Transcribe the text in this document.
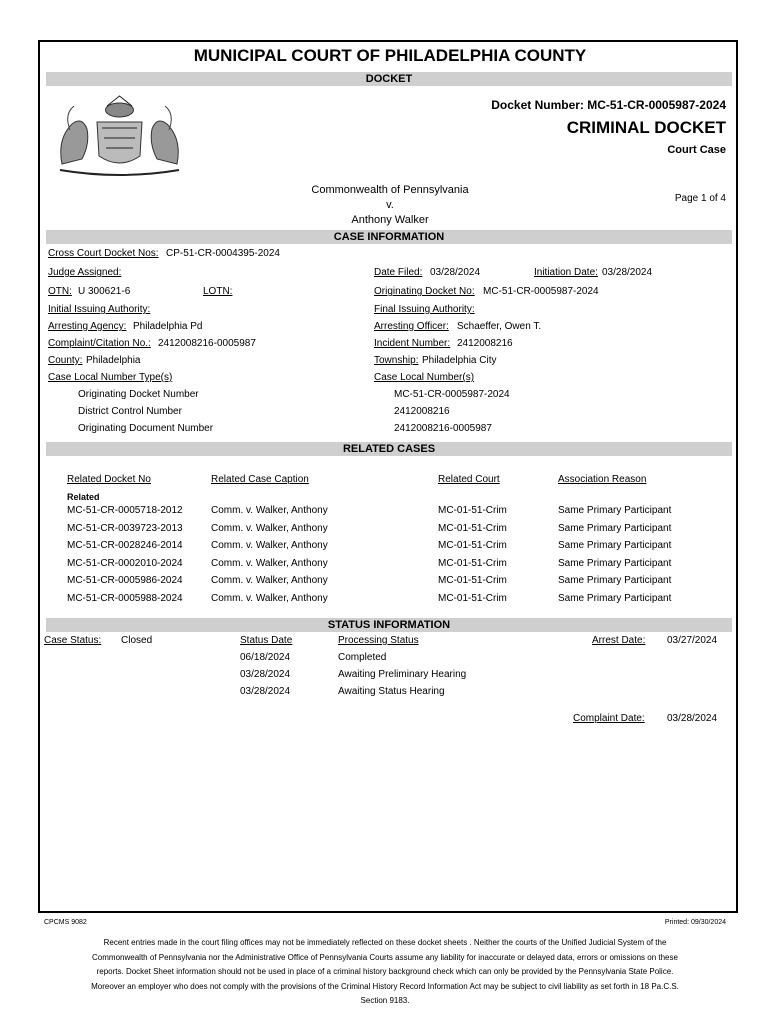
MUNICIPAL COURT OF PHILADELPHIA COUNTY
DOCKET
Docket Number: MC-51-CR-0005987-2024
CRIMINAL DOCKET
Court Case
Commonwealth of Pennsylvania
v.
Anthony Walker
Page 1 of 4
CASE INFORMATION
Cross Court Docket Nos: CP-51-CR-0004395-2024
Judge Assigned:	Date Filed: 03/28/2024	Initiation Date: 03/28/2024
OTN: U 300621-6	LOTN:	Originating Docket No: MC-51-CR-0005987-2024
Initial Issuing Authority:	Final Issuing Authority:
Arresting Agency: Philadelphia Pd	Arresting Officer: Schaeffer, Owen T.
Complaint/Citation No.: 2412008216-0005987	Incident Number: 2412008216
County: Philadelphia	Township: Philadelphia City
Case Local Number Type(s)	Case Local Number(s)
Originating Docket Number	MC-51-CR-0005987-2024
District Control Number	2412008216
Originating Document Number	2412008216-0005987
RELATED CASES
Related Docket No	Related Case Caption	Related Court	Association Reason
Related
MC-51-CR-0005718-2012	Comm. v. Walker, Anthony	MC-01-51-Crim	Same Primary Participant
MC-51-CR-0039723-2013	Comm. v. Walker, Anthony	MC-01-51-Crim	Same Primary Participant
MC-51-CR-0028246-2014	Comm. v. Walker, Anthony	MC-01-51-Crim	Same Primary Participant
MC-51-CR-0002010-2024	Comm. v. Walker, Anthony	MC-01-51-Crim	Same Primary Participant
MC-51-CR-0005986-2024	Comm. v. Walker, Anthony	MC-01-51-Crim	Same Primary Participant
MC-51-CR-0005988-2024	Comm. v. Walker, Anthony	MC-01-51-Crim	Same Primary Participant
STATUS INFORMATION
Case Status: Closed	Status Date	Processing Status	Arrest Date: 03/27/2024
06/18/2024	Completed
03/28/2024	Awaiting Preliminary Hearing
03/28/2024	Awaiting Status Hearing
Complaint Date: 03/28/2024
CPCMS 9082	Printed: 09/30/2024
Recent entries made in the court filing offices may not be immediately reflected on these docket sheets . Neither the courts of the Unified Judicial System of the Commonwealth of Pennsylvania nor the Administrative Office of Pennsylvania Courts assume any liability for inaccurate or delayed data, errors or omissions on these reports. Docket Sheet information should not be used in place of a criminal history background check which can only be provided by the Pennsylvania State Police. Moreover an employer who does not comply with the provisions of the Criminal History Record Information Act may be subject to civil liability as set forth in 18 Pa.C.S. Section 9183.
